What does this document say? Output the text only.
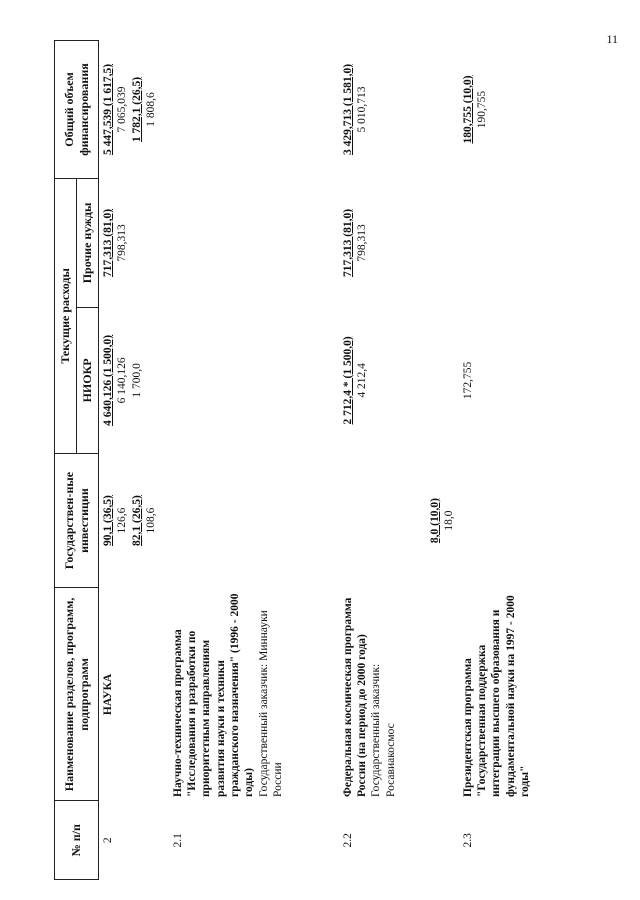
11
№ п/п	Наименование разделов, программ, подпрограмм	Государствен-ные инвестиции	Текущие расходы		Общий объем финансирования
			НИОКР	Прочие нужды	
2	НАУКА	90,1 (36,5) 126,6 82,1 (26,5) 108,6	4 640,126 (1 500,0) 6 140,126 1 700,0	717,313 (81,0) 798,313	5 447,539 (1 617,5) 7 065,039 1 782,1 (26,5) 1 808,6

2.1	Научно-техническая программа "Исследования и разработки по приоритетным направлениям развития науки и техники гражданского назначения" (1996 - 2000 годы) Государственный заказчик: Миннауки России				
2.2	Федеральная космическая программа России (на период до 2000 года) Государственный заказчик: Росавиакосмос	8,0 (10,0) 18,0	2 712,4 * (1 500,0) 4 212,4	717,313 (81,0) 798,313	3 429,713 (1 581,0) 5 010,713

2.3	Президентская программа "Государственная поддержка интеграции высшего образования и фундаментальной науки на 1997 - 2000 годы"		172,755		180,755 (10,0) 190,755
